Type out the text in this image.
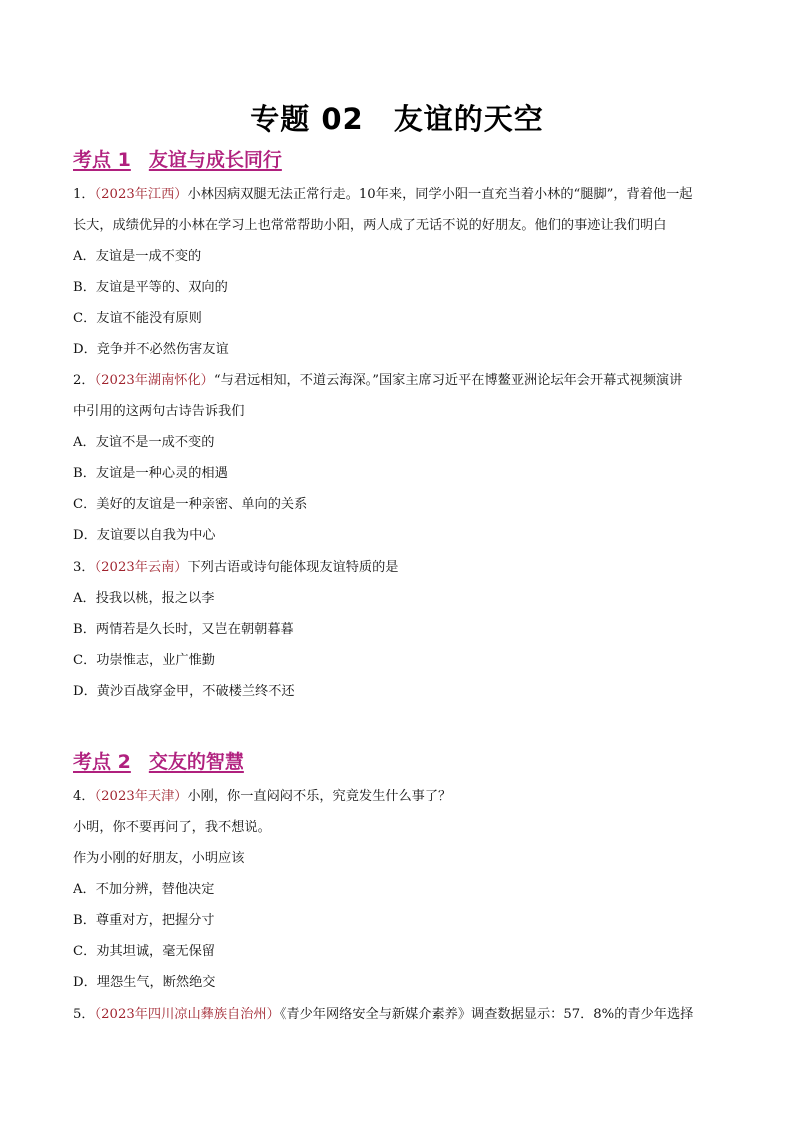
专题 02 友谊的天空
考点 1 友谊与成长同行
1．（2023年江西）小林因病双腿无法正常行走。10年来，同学小阳一直充当着小林的“腿脚”，背着他一起
长大，成绩优异的小林在学习上也常常帮助小阳，两人成了无话不说的好朋友。他们的事迹让我们明白
A．友谊是一成不变的
B．友谊是平等的、双向的
C．友谊不能没有原则
D．竞争并不必然伤害友谊
2．（2023年湖南怀化）“与君远相知，不道云海深。”国家主席习近平在博鳌亚洲论坛年会开幕式视频演讲
中引用的这两句古诗告诉我们
A．友谊不是一成不变的
B．友谊是一种心灵的相遇
C．美好的友谊是一种亲密、单向的关系
D．友谊要以自我为中心
3．（2023年云南）下列古语或诗句能体现友谊特质的是
A．投我以桃，报之以李
B．两情若是久长时，又岂在朝朝暮暮
C．功崇惟志，业广惟勤
D．黄沙百战穿金甲，不破楼兰终不还
考点 2 交友的智慧
4．（2023年天津）小刚，你一直闷闷不乐，究竟发生什么事了？
小明，你不要再问了，我不想说。
作为小刚的好朋友，小明应该
A．不加分辨，替他决定
B．尊重对方，把握分寸
C．劝其坦诚，毫无保留
D．埋怨生气，断然绝交
5．（2023年四川凉山彝族自治州）《青少年网络安全与新媒介素养》调查数据显示：57．8%的青少年选择
